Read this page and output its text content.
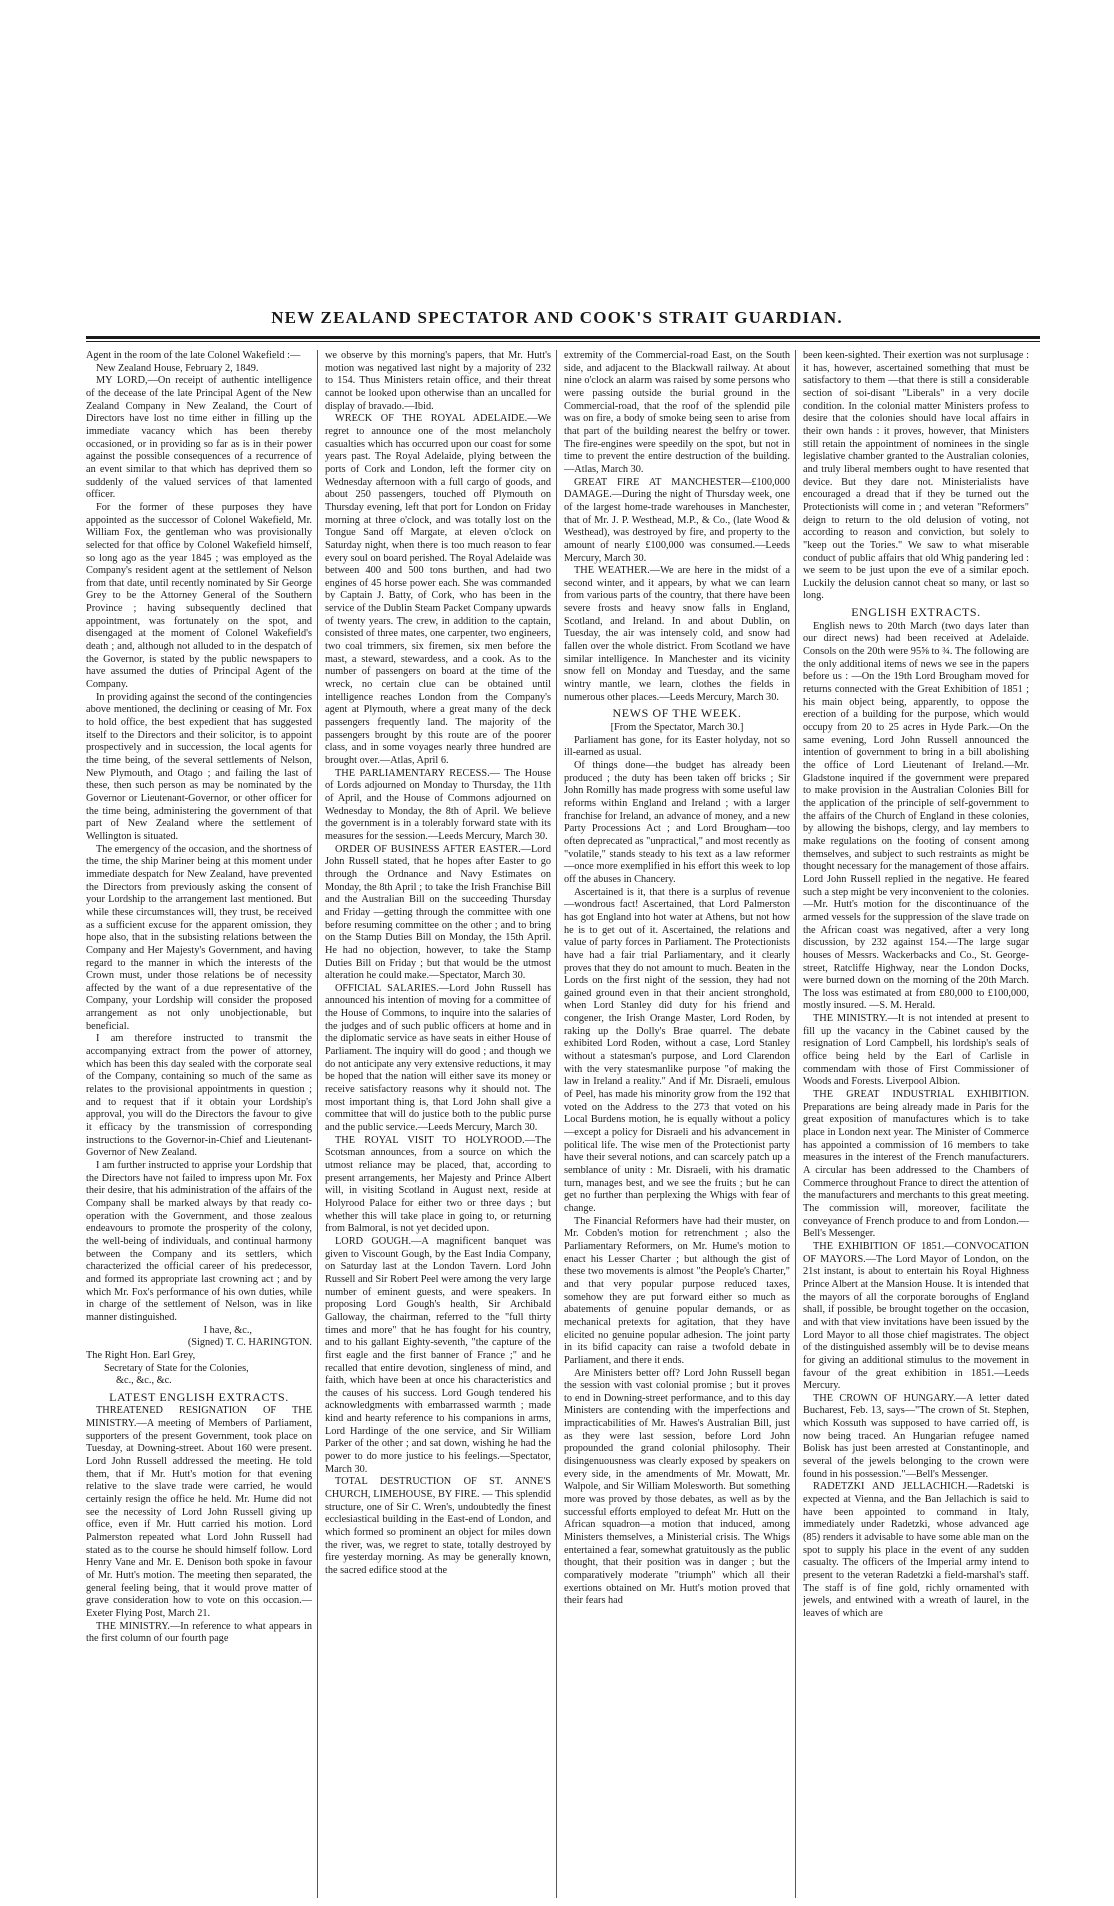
NEW ZEALAND SPECTATOR AND COOK'S STRAIT GUARDIAN.

Agent in the room of the late Colonel Wakefield :—

New Zealand House, February 2, 1849.

MY LORD,—On receipt of authentic intelligence of the decease of the late Principal Agent of the New Zealand Company in New Zealand, the Court of Directors have lost no time either in filling up the immediate vacancy which has been thereby occasioned, or in providing so far as is in their power against the possible consequences of a recurrence of an event similar to that which has deprived them so suddenly of the valued services of that lamented officer.

For the former of these purposes they have appointed as the successor of Colonel Wakefield, Mr. William Fox, the gentleman who was provisionally selected for that office by Colonel Wakefield himself, so long ago as the year 1845 ; was employed as the Company's resident agent at the settlement of Nelson from that date, until recently nominated by Sir George Grey to be the Attorney General of the Southern Province ; having subsequently declined that appointment, was fortunately on the spot, and disengaged at the moment of Colonel Wakefield's death ; and, although not alluded to in the despatch of the Governor, is stated by the public newspapers to have assumed the duties of Principal Agent of the Company.

In providing against the second of the contingencies above mentioned, the declining or ceasing of Mr. Fox to hold office, the best expedient that has suggested itself to the Directors and their solicitor, is to appoint prospectively and in succession, the local agents for the time being, of the several settlements of Nelson, New Plymouth, and Otago ; and failing the last of these, then such person as may be nominated by the Governor or Lieutenant-Governor, or other officer for the time being, administering the government of that part of New Zealand where the settlement of Wellington is situated.

The emergency of the occasion, and the shortness of the time, the ship Mariner being at this moment under immediate despatch for New Zealand, have prevented the Directors from previously asking the consent of your Lordship to the arrangement last mentioned. But while these circumstances will, they trust, be received as a sufficient excuse for the apparent omission, they hope also, that in the subsisting relations between the Company and Her Majesty's Government, and having regard to the manner in which the interests of the Crown must, under those relations be of necessity affected by the want of a due representative of the Company, your Lordship will consider the proposed arrangement as not only unobjectionable, but beneficial.

I am therefore instructed to transmit the accompanying extract from the power of attorney, which has been this day sealed with the corporate seal of the Company, containing so much of the same as relates to the provisional appointments in question ; and to request that if it obtain your Lordship's approval, you will do the Directors the favour to give it efficacy by the transmission of corresponding instructions to the Governor-in-Chief and Lieutenant-Governor of New Zealand.

I am further instructed to apprise your Lordship that the Directors have not failed to impress upon Mr. Fox their desire, that his administration of the affairs of the Company shall be marked always by that ready co-operation with the Government, and those zealous endeavours to promote the prosperity of the colony, the well-being of individuals, and continual harmony between the Company and its settlers, which characterized the official career of his predecessor, and formed its appropriate last crowning act ; and by which Mr. Fox's performance of his own duties, while in charge of the settlement of Nelson, was in like manner distinguished.

I have, &c.,

(Signed) T. C. HARINGTON.

The Right Hon. Earl Grey,

Secretary of State for the Colonies,

&c., &c., &c.

LATEST ENGLISH EXTRACTS.

THREATENED RESIGNATION OF THE MINISTRY.—A meeting of Members of Parliament, supporters of the present Government, took place on Tuesday, at Downing-street. About 160 were present. Lord John Russell addressed the meeting. He told them, that if Mr. Hutt's motion for that evening relative to the slave trade were carried, he would certainly resign the office he held. Mr. Hume did not see the necessity of Lord John Russell giving up office, even if Mr. Hutt carried his motion. Lord Palmerston repeated what Lord John Russell had stated as to the course he should himself follow. Lord Henry Vane and Mr. E. Denison both spoke in favour of Mr. Hutt's motion. The meeting then separated, the general feeling being, that it would prove matter of grave consideration how to vote on this occasion.—Exeter Flying Post, March 21.

THE MINISTRY.—In reference to what appears in the first column of our fourth page

we observe by this morning's papers, that Mr. Hutt's motion was negatived last night by a majority of 232 to 154. Thus Ministers retain office, and their threat cannot be looked upon otherwise than an uncalled for display of bravado.—Ibid.

WRECK OF THE ROYAL ADELAIDE.—We regret to announce one of the most melancholy casualties which has occurred upon our coast for some years past. The Royal Adelaide, plying between the ports of Cork and London, left the former city on Wednesday afternoon with a full cargo of goods, and about 250 passengers, touched off Plymouth on Thursday evening, left that port for London on Friday morning at three o'clock, and was totally lost on the Tongue Sand off Margate, at eleven o'clock on Saturday night, when there is too much reason to fear every soul on board perished. The Royal Adelaide was between 400 and 500 tons burthen, and had two engines of 45 horse power each. She was commanded by Captain J. Batty, of Cork, who has been in the service of the Dublin Steam Packet Company upwards of twenty years. The crew, in addition to the captain, consisted of three mates, one carpenter, two engineers, two coal trimmers, six firemen, six men before the mast, a steward, stewardess, and a cook. As to the number of passengers on board at the time of the wreck, no certain clue can be obtained until intelligence reaches London from the Company's agent at Plymouth, where a great many of the deck passengers frequently land. The majority of the passengers brought by this route are of the poorer class, and in some voyages nearly three hundred are brought over.—Atlas, April 6.

THE PARLIAMENTARY RECESS.— The House of Lords adjourned on Monday to Thursday, the 11th of April, and the House of Commons adjourned on Wednesday to Monday, the 8th of April. We believe the government is in a tolerably forward state with its measures for the session.—Leeds Mercury, March 30.

ORDER OF BUSINESS AFTER EASTER.—Lord John Russell stated, that he hopes after Easter to go through the Ordnance and Navy Estimates on Monday, the 8th April ; to take the Irish Franchise Bill and the Australian Bill on the succeeding Thursday and Friday —getting through the committee with one before resuming committee on the other ; and to bring on the Stamp Duties Bill on Monday, the 15th April. He had no objection, however, to take the Stamp Duties Bill on Friday ; but that would be the utmost alteration he could make.—Spectator, March 30.

OFFICIAL SALARIES.—Lord John Russell has announced his intention of moving for a committee of the House of Commons, to inquire into the salaries of the judges and of such public officers at home and in the diplomatic service as have seats in either House of Parliament. The inquiry will do good ; and though we do not anticipate any very extensive reductions, it may be hoped that the nation will either save its money or receive satisfactory reasons why it should not. The most important thing is, that Lord John shall give a committee that will do justice both to the public purse and the public service.—Leeds Mercury, March 30.

THE ROYAL VISIT TO HOLYROOD.—The Scotsman announces, from a source on which the utmost reliance may be placed, that, according to present arrangements, her Majesty and Prince Albert will, in visiting Scotland in August next, reside at Holyrood Palace for either two or three days ; but whether this will take place in going to, or returning from Balmoral, is not yet decided upon.

LORD GOUGH.—A magnificent banquet was given to Viscount Gough, by the East India Company, on Saturday last at the London Tavern. Lord John Russell and Sir Robert Peel were among the very large number of eminent guests, and were speakers. In proposing Lord Gough's health, Sir Archibald Galloway, the chairman, referred to the "full thirty times and more" that he has fought for his country, and to his gallant Eighty-seventh, "the capture of the first eagle and the first banner of France ;" and he recalled that entire devotion, singleness of mind, and faith, which have been at once his characteristics and the causes of his success. Lord Gough tendered his acknowledgments with embarrassed warmth ; made kind and hearty reference to his companions in arms, Lord Hardinge of the one service, and Sir William Parker of the other ; and sat down, wishing he had the power to do more justice to his feelings.—Spectator, March 30.

TOTAL DESTRUCTION OF ST. ANNE'S CHURCH, LIMEHOUSE, BY FIRE. — This splendid structure, one of Sir C. Wren's, undoubtedly the finest ecclesiastical building in the East-end of London, and which formed so prominent an object for miles down the river, was, we regret to state, totally destroyed by fire yesterday morning. As may be generally known, the sacred edifice stood at the

extremity of the Commercial-road East, on the South side, and adjacent to the Blackwall railway. At about nine o'clock an alarm was raised by some persons who were passing outside the burial ground in the Commercial-road, that the roof of the splendid pile was on fire, a body of smoke being seen to arise from that part of the building nearest the belfry or tower. The fire-engines were speedily on the spot, but not in time to prevent the entire destruction of the building.—Atlas, March 30.

GREAT FIRE AT MANCHESTER—£100,000 DAMAGE.—During the night of Thursday week, one of the largest home-trade warehouses in Manchester, that of Mr. J. P. Westhead, M.P., & Co., (late Wood & Westhead), was destroyed by fire, and property to the amount of nearly £100,000 was consumed.—Leeds Mercury, March 30.

THE WEATHER.—We are here in the midst of a second winter, and it appears, by what we can learn from various parts of the country, that there have been severe frosts and heavy snow falls in England, Scotland, and Ireland. In and about Dublin, on Tuesday, the air was intensely cold, and snow had fallen over the whole district. From Scotland we have similar intelligence. In Manchester and its vicinity snow fell on Monday and Tuesday, and the same wintry mantle, we learn, clothes the fields in numerous other places.—Leeds Mercury, March 30.

NEWS OF THE WEEK.

[From the Spectator, March 30.]

Parliament has gone, for its Easter holyday, not so ill-earned as usual.

Of things done—the budget has already been produced ; the duty has been taken off bricks ; Sir John Romilly has made progress with some useful law reforms within England and Ireland ; with a larger franchise for Ireland, an advance of money, and a new Party Processions Act ; and Lord Brougham—too often deprecated as "unpractical," and most recently as "volatile," stands steady to his text as a law reformer—once more exemplified in his effort this week to lop off the abuses in Chancery.

Ascertained is it, that there is a surplus of revenue—wondrous fact! Ascertained, that Lord Palmerston has got England into hot water at Athens, but not how he is to get out of it. Ascertained, the relations and value of party forces in Parliament. The Protectionists have had a fair trial Parliamentary, and it clearly proves that they do not amount to much. Beaten in the Lords on the first night of the session, they had not gained ground even in that their ancient stronghold, when Lord Stanley did duty for his friend and congener, the Irish Orange Master, Lord Roden, by raking up the Dolly's Brae quarrel. The debate exhibited Lord Roden, without a case, Lord Stanley without a statesman's purpose, and Lord Clarendon with the very statesmanlike purpose "of making the law in Ireland a reality." And if Mr. Disraeli, emulous of Peel, has made his minority grow from the 192 that voted on the Address to the 273 that voted on his Local Burdens motion, he is equally without a policy—except a policy for Disraeli and his advancement in political life. The wise men of the Protectionist party have their several notions, and can scarcely patch up a semblance of unity : Mr. Disraeli, with his dramatic turn, manages best, and we see the fruits ; but he can get no further than perplexing the Whigs with fear of change.

The Financial Reformers have had their muster, on Mr. Cobden's motion for retrenchment ; also the Parliamentary Reformers, on Mr. Hume's motion to enact his Lesser Charter ; but although the gist of these two movements is almost "the People's Charter," and that very popular purpose reduced taxes, somehow they are put forward either so much as abatements of genuine popular demands, or as mechanical pretexts for agitation, that they have elicited no genuine popular adhesion. The joint party in its bifid capacity can raise a twofold debate in Parliament, and there it ends.

Are Ministers better off? Lord John Russell began the session with vast colonial promise ; but it proves to end in Downing-street performance, and to this day Ministers are contending with the imperfections and impracticabilities of Mr. Hawes's Australian Bill, just as they were last session, before Lord John propounded the grand colonial philosophy. Their disingenuousness was clearly exposed by speakers on every side, in the amendments of Mr. Mowatt, Mr. Walpole, and Sir William Molesworth. But something more was proved by those debates, as well as by the successful efforts employed to defeat Mr. Hutt on the African squadron—a motion that induced, among Ministers themselves, a Ministerial crisis. The Whigs entertained a fear, somewhat gratuitously as the public thought, that their position was in danger ; but the comparatively moderate "triumph" which all their exertions obtained on Mr. Hutt's motion proved that their fears had

been keen-sighted. Their exertion was not surplusage : it has, however, ascertained something that must be satisfactory to them —that there is still a considerable section of soi-disant "Liberals" in a very docile condition. In the colonial matter Ministers profess to desire that the colonies should have local affairs in their own hands : it proves, however, that Ministers still retain the appointment of nominees in the single legislative chamber granted to the Australian colonies, and truly liberal members ought to have resented that device. But they dare not. Ministerialists have encouraged a dread that if they be turned out the Protectionists will come in ; and veteran "Reformers" deign to return to the old delusion of voting, not according to reason and conviction, but solely to "keep out the Tories." We saw to what miserable conduct of public affairs that old Whig pandering led : we seem to be just upon the eve of a similar epoch. Luckily the delusion cannot cheat so many, or last so long.

ENGLISH EXTRACTS.

English news to 20th March (two days later than our direct news) had been received at Adelaide. Consols on the 20th were 95⅝ to ¾. The following are the only additional items of news we see in the papers before us : —On the 19th Lord Brougham moved for returns connected with the Great Exhibition of 1851 ; his main object being, apparently, to oppose the erection of a building for the purpose, which would occupy from 20 to 25 acres in Hyde Park.—On the same evening, Lord John Russell announced the intention of government to bring in a bill abolishing the office of Lord Lieutenant of Ireland.—Mr. Gladstone inquired if the government were prepared to make provision in the Australian Colonies Bill for the application of the principle of self-government to the affairs of the Church of England in these colonies, by allowing the bishops, clergy, and lay members to make regulations on the footing of consent among themselves, and subject to such restraints as might be thought necessary for the management of those affairs. Lord John Russell replied in the negative. He feared such a step might be very inconvenient to the colonies.—Mr. Hutt's motion for the discontinuance of the armed vessels for the suppression of the slave trade on the African coast was negatived, after a very long discussion, by 232 against 154.—The large sugar houses of Messrs. Wackerbacks and Co., St. George-street, Ratcliffe Highway, near the London Docks, were burned down on the morning of the 20th March. The loss was estimated at from £80,000 to £100,000, mostly insured. —S. M. Herald.

THE MINISTRY.—It is not intended at present to fill up the vacancy in the Cabinet caused by the resignation of Lord Campbell, his lordship's seals of office being held by the Earl of Carlisle in commendam with those of First Commissioner of Woods and Forests. Liverpool Albion.

THE GREAT INDUSTRIAL EXHIBITION. Preparations are being already made in Paris for the great exposition of manufactures which is to take place in London next year. The Minister of Commerce has appointed a commission of 16 members to take measures in the interest of the French manufacturers. A circular has been addressed to the Chambers of Commerce throughout France to direct the attention of the manufacturers and merchants to this great meeting. The commission will, moreover, facilitate the conveyance of French produce to and from London.—Bell's Messenger.

THE EXHIBITION OF 1851.—CONVOCATION OF MAYORS.—The Lord Mayor of London, on the 21st instant, is about to entertain his Royal Highness Prince Albert at the Mansion House. It is intended that the mayors of all the corporate boroughs of England shall, if possible, be brought together on the occasion, and with that view invitations have been issued by the Lord Mayor to all those chief magistrates. The object of the distinguished assembly will be to devise means for giving an additional stimulus to the movement in favour of the great exhibition in 1851.—Leeds Mercury.

THE CROWN OF HUNGARY.—A letter dated Bucharest, Feb. 13, says—"The crown of St. Stephen, which Kossuth was supposed to have carried off, is now being traced. An Hungarian refugee named Bolisk has just been arrested at Constantinople, and several of the jewels belonging to the crown were found in his possession."—Bell's Messenger.

RADETZKI AND JELLACHICH.—Radetski is expected at Vienna, and the Ban Jellachich is said to have been appointed to command in Italy, immediately under Radetzki, whose advanced age (85) renders it advisable to have some able man on the spot to supply his place in the event of any sudden casualty. The officers of the Imperial army intend to present to the veteran Radetzki a field-marshal's staff. The staff is of fine gold, richly ornamented with jewels, and entwined with a wreath of laurel, in the leaves of which are
